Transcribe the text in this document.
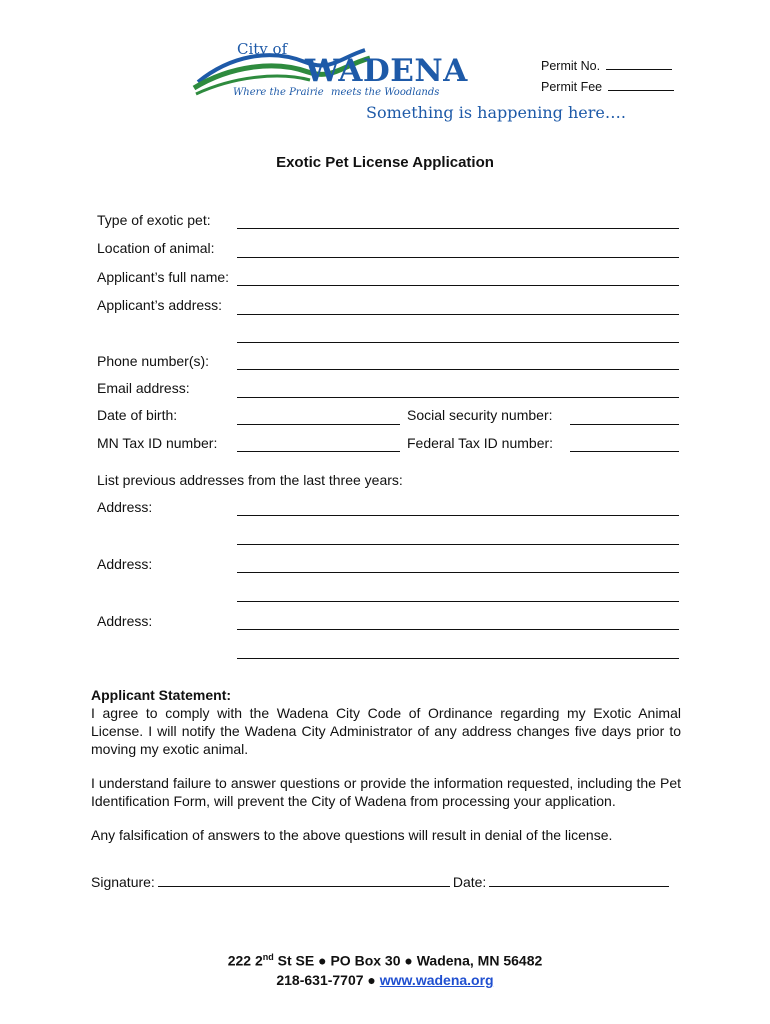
City of
WADENA
Where the Prairie meets the Woodlands
Something is happening here….
Permit No.
Permit Fee
Exotic Pet License Application
Type of exotic pet:
Location of animal:
Applicant’s full name:
Applicant’s address:
Phone number(s):
Email address:
Date of birth:	Social security number:
MN Tax ID number:	Federal Tax ID number:
List previous addresses from the last three years:
Address:
Address:
Address:
Applicant Statement:
I agree to comply with the Wadena City Code of Ordinance regarding my Exotic Animal License. I will notify the Wadena City Administrator of any address changes five days prior to moving my exotic animal.
I understand failure to answer questions or provide the information requested, including the Pet Identification Form, will prevent the City of Wadena from processing your application.
Any falsification of answers to the above questions will result in denial of the license.
Signature:	Date:
222 2nd St SE ● PO Box 30 ● Wadena, MN 56482
218-631-7707 ● www.wadena.org
